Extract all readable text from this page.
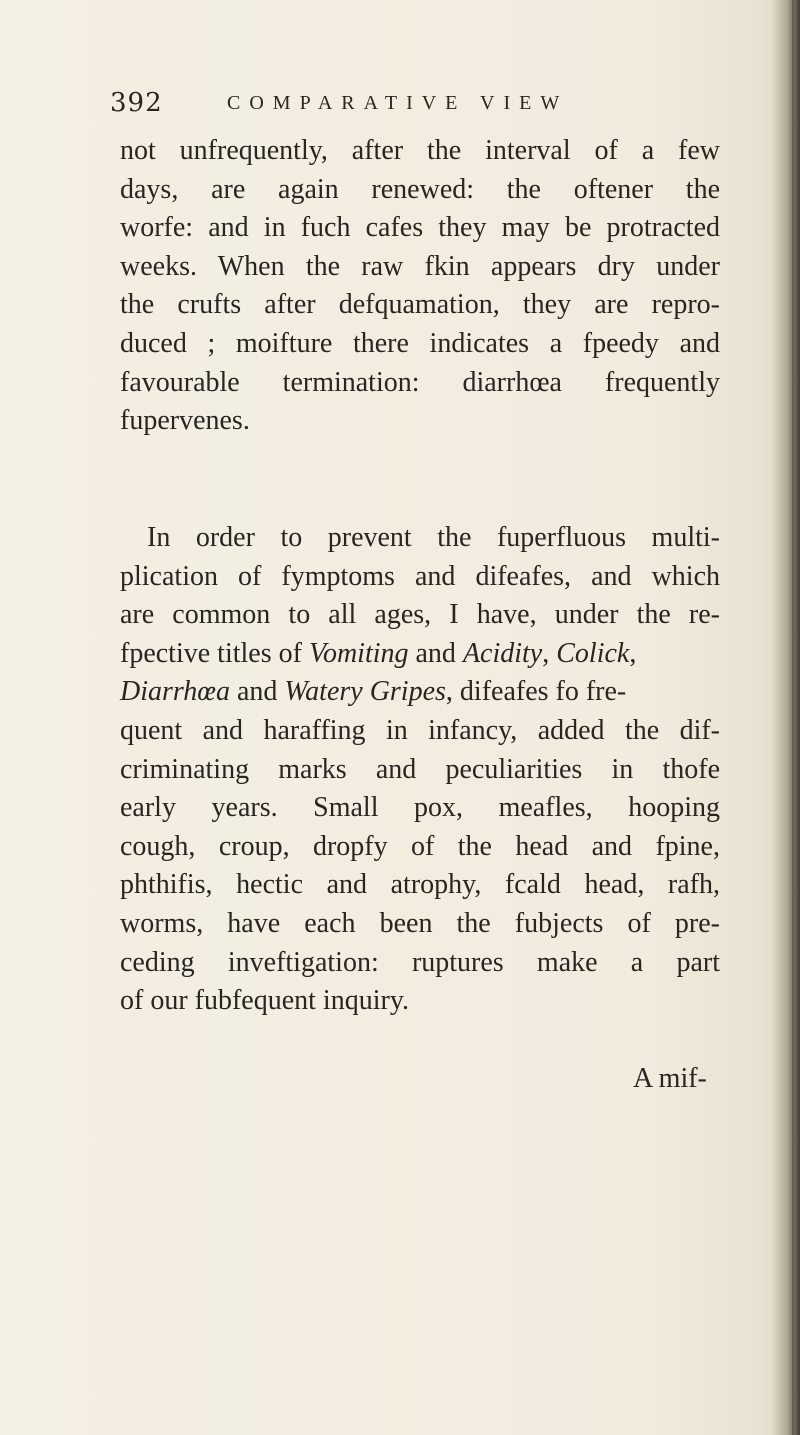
392	COMPARATIVE VIEW
not unfrequently, after the interval of a few
days, are again renewed: the oftener the
worfe: and in fuch cafes they may be protracted
weeks. When the raw fkin appears dry under
the crufts after defquamation, they are repro-
duced ; moifture there indicates a fpeedy and
favourable termination: diarrhœa frequently
fupervenes.
In order to prevent the fuperfluous multi-
plication of fymptoms and difeafes, and which
are common to all ages, I have, under the re-
fpective titles of Vomiting and Acidity, Colick,
Diarrhœa and Watery Gripes, difeafes fo fre-
quent and haraffing in infancy, added the dif-
criminating marks and peculiarities in thofe
early years. Small pox, meafles, hooping
cough, croup, dropfy of the head and fpine,
phthifis, hectic and atrophy, fcald head, rafh,
worms, have each been the fubjects of pre-
ceding inveftigation: ruptures make a part
of our fubfequent inquiry.
A mif-
